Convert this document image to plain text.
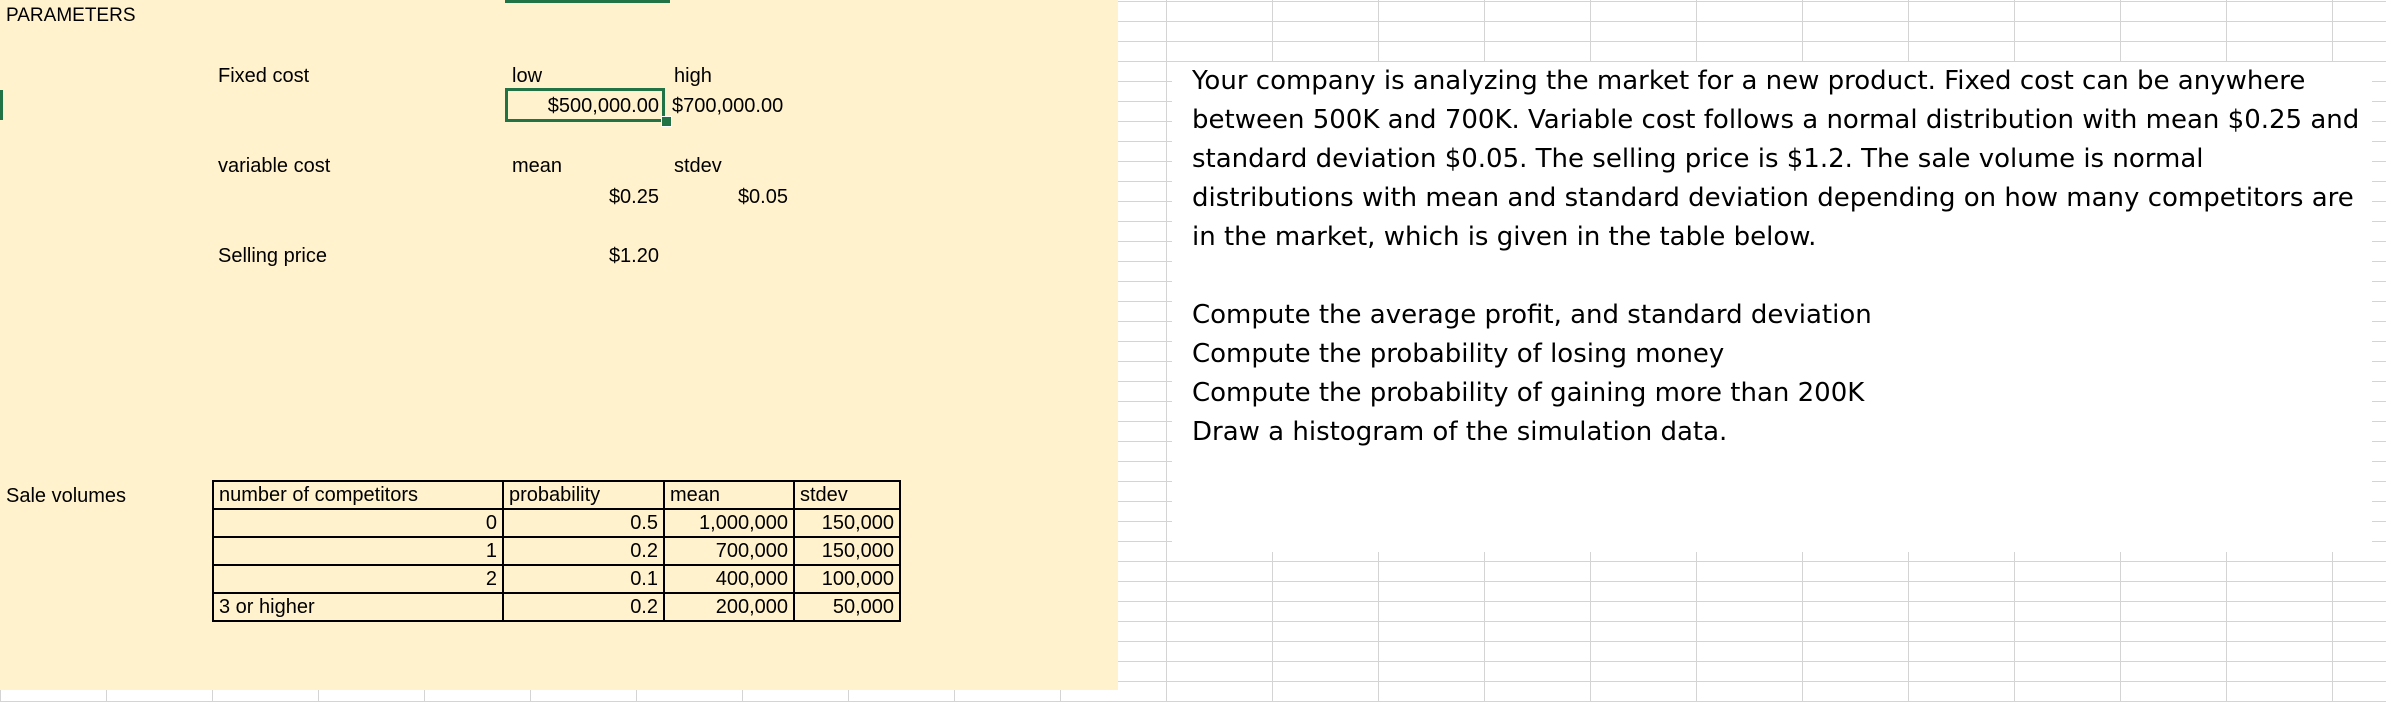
PARAMETERS
Fixed cost	low	high
$500,000.00 $700,000.00
variable cost	mean	stdev
$0.25	$0.05
Selling price	$1.20
Sale volumes	number of competitors	probability	mean	stdev
0	0.5	1,000,000	150,000
1	0.2	700,000	150,000
2	0.1	400,000	100,000
3 or higher	0.2	200,000	50,000

Your company is analyzing the market for a new product. Fixed cost can be anywhere between 500K and 700K. Variable cost follows a normal distribution with mean $0.25 and standard deviation $0.05. The selling price is $1.2. The sale volume is normal distributions with mean and standard deviation depending on how many competitors are in the market, which is given in the table below.

Compute the average profit, and standard deviation
Compute the probability of losing money
Compute the probability of gaining more than 200K
Draw a histogram of the simulation data.
